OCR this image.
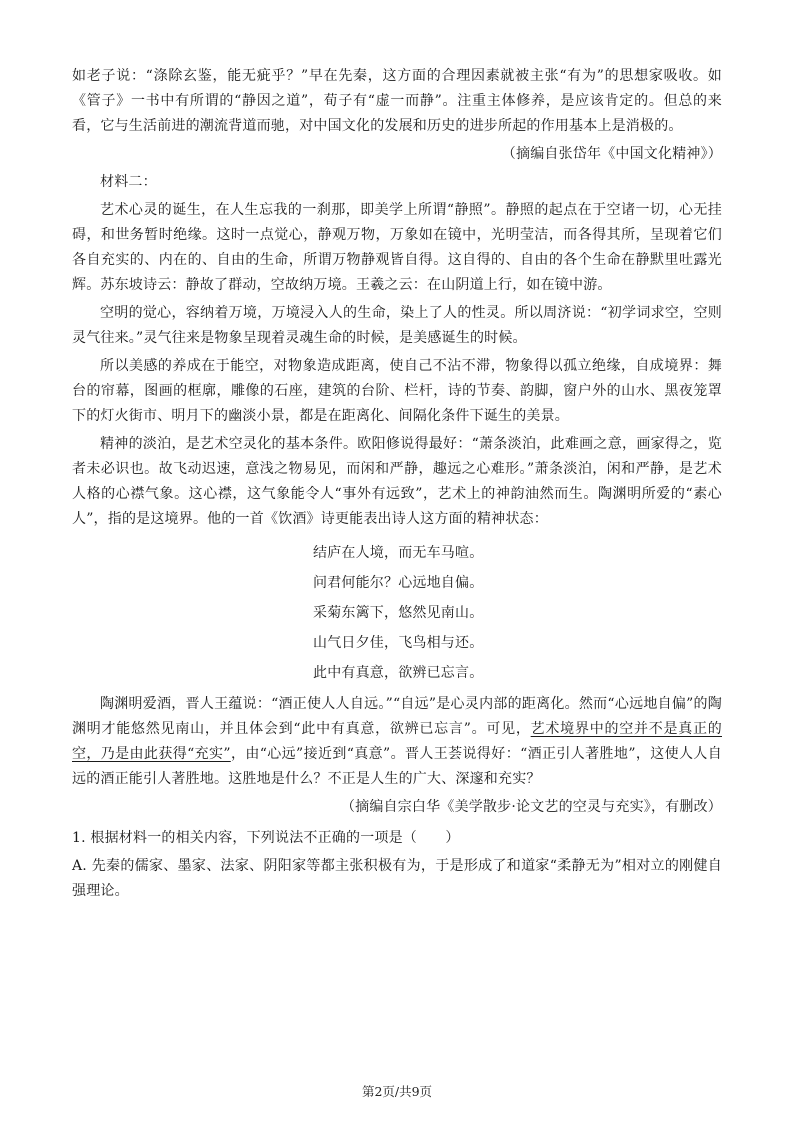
如老子说：“涤除玄鉴，能无疵乎？”早在先秦，这方面的合理因素就被主张“有为”的思想家吸收。如《管子》一书中有所谓的“静因之道”，荀子有“虚一而静”。注重主体修养，是应该肯定的。但总的来看，它与生活前进的潮流背道而驰，对中国文化的发展和历史的进步所起的作用基本上是消极的。

（摘编自张岱年《中国文化精神》）

材料二：

艺术心灵的诞生，在人生忘我的一刹那，即美学上所谓“静照”。静照的起点在于空诸一切，心无挂碍，和世务暂时绝缘。这时一点觉心，静观万物，万象如在镜中，光明莹洁，而各得其所，呈现着它们各自充实的、内在的、自由的生命，所谓万物静观皆自得。这自得的、自由的各个生命在静默里吐露光辉。苏东坡诗云：静故了群动，空故纳万境。王羲之云：在山阴道上行，如在镜中游。

空明的觉心，容纳着万境，万境浸入人的生命，染上了人的性灵。所以周济说：“初学词求空，空则灵气往来。”灵气往来是物象呈现着灵魂生命的时候，是美感诞生的时候。

所以美感的养成在于能空，对物象造成距离，使自己不沾不滞，物象得以孤立绝缘，自成境界：舞台的帘幕，图画的框廓，雕像的石座，建筑的台阶、栏杆，诗的节奏、韵脚，窗户外的山水、黑夜笼罩下的灯火街市、明月下的幽淡小景，都是在距离化、间隔化条件下诞生的美景。

精神的淡泊，是艺术空灵化的基本条件。欧阳修说得最好：“萧条淡泊，此难画之意，画家得之，览者未必识也。故飞动迟速，意浅之物易见，而闲和严静，趣远之心难形。”萧条淡泊，闲和严静，是艺术人格的心襟气象。这心襟，这气象能令人“事外有远致”，艺术上的神韵油然而生。陶渊明所爱的“素心人”，指的是这境界。他的一首《饮酒》诗更能表出诗人这方面的精神状态：

结庐在人境，而无车马喧。

问君何能尔？心远地自偏。

采菊东篱下，悠然见南山。

山气日夕佳，飞鸟相与还。

此中有真意，欲辨已忘言。

陶渊明爱酒，晋人王蕴说：“酒正使人人自远。”“自远”是心灵内部的距离化。然而“心远地自偏”的陶渊明才能悠然见南山，并且体会到“此中有真意，欲辨已忘言”。可见，艺术境界中的空并不是真正的空，乃是由此获得“充实”，由“心远”接近到“真意”。晋人王荟说得好：“酒正引人著胜地”，这使人人自远的酒正能引人著胜地。这胜地是什么？不正是人生的广大、深邃和充实？

（摘编自宗白华《美学散步·论文艺的空灵与充实》，有删改）

1. 根据材料一的相关内容，下列说法不正确的一项是（　　）

A. 先秦的儒家、墨家、法家、阴阳家等都主张积极有为，于是形成了和道家“柔静无为”相对立的刚健自强理论。

第2页/共9页
